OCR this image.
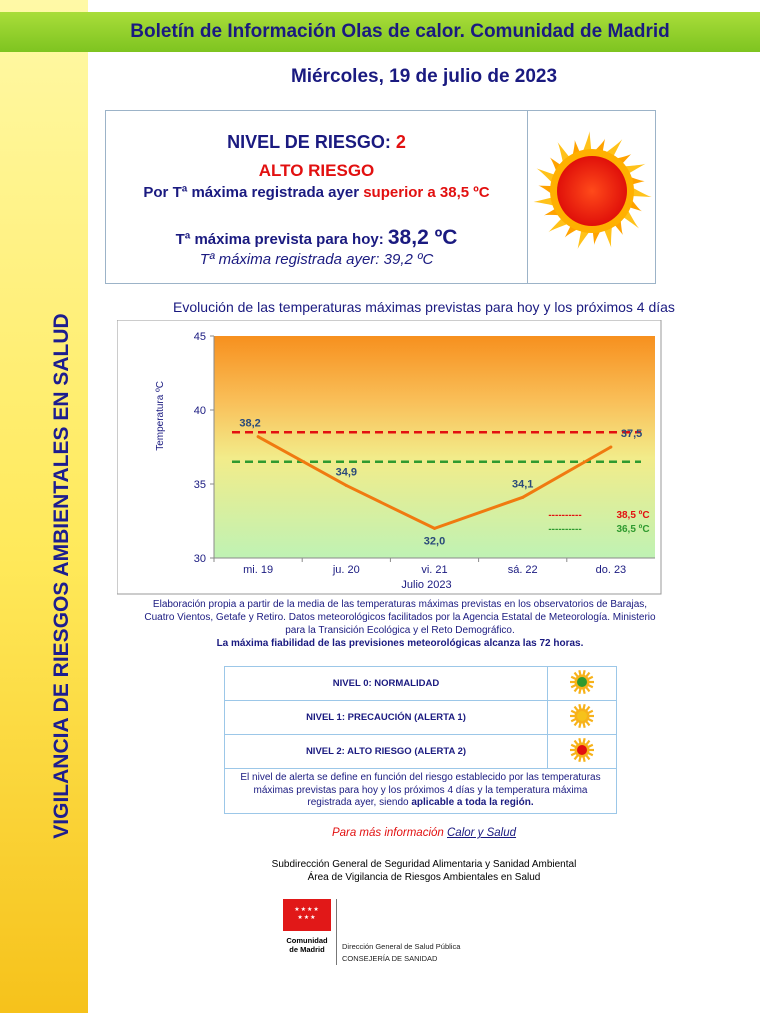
VIGILANCIA DE RIESGOS AMBIENTALES EN SALUD
Boletín de Información Olas de calor. Comunidad de Madrid
Miércoles, 19 de julio de 2023
NIVEL DE RIESGO: 2
ALTO RIESGO
Por Tª máxima registrada ayer superior a 38,5 ºC
Tª máxima prevista para hoy: 38,2 ºC
Tª máxima registrada ayer: 39,2 ºC
Evolución de las temperaturas máximas previstas para hoy y los próximos 4 días
30
35
40
45
mi. 19	ju. 20	vi. 21	sá. 22	do. 23
Julio 2023
Temperatura ºC
----------	38,5 ºC
----------	36,5 ºC
38,2
34,9
32,0
34,1
37,5
Elaboración propia a partir de la media de las temperaturas máximas previstas en los observatorios de Barajas, Cuatro Vientos, Getafe y Retiro. Datos meteorológicos facilitados por la Agencia Estatal de Meteorología. Ministerio para la Transición Ecológica y el Reto Demográfico.
La máxima fiabilidad de las previsiones meteorológicas alcanza las 72 horas.
NIVEL 0: NORMALIDAD	
NIVEL 1: PRECAUCIÓN (ALERTA 1)	
NIVEL 2: ALTO RIESGO (ALERTA 2)	
El nivel de alerta se define en función del riesgo establecido por las temperaturas máximas previstas para hoy y los próximos 4 días y la temperatura máxima registrada ayer, siendo aplicable a toda la región.	
Para más información Calor y Salud
Subdirección General de Seguridad Alimentaria y Sanidad Ambiental
Área de Vigilancia de Riesgos Ambientales en Salud
★★★★
★★★
Comunidad
de Madrid	Dirección General de Salud Pública
CONSEJERÍA DE SANIDAD
